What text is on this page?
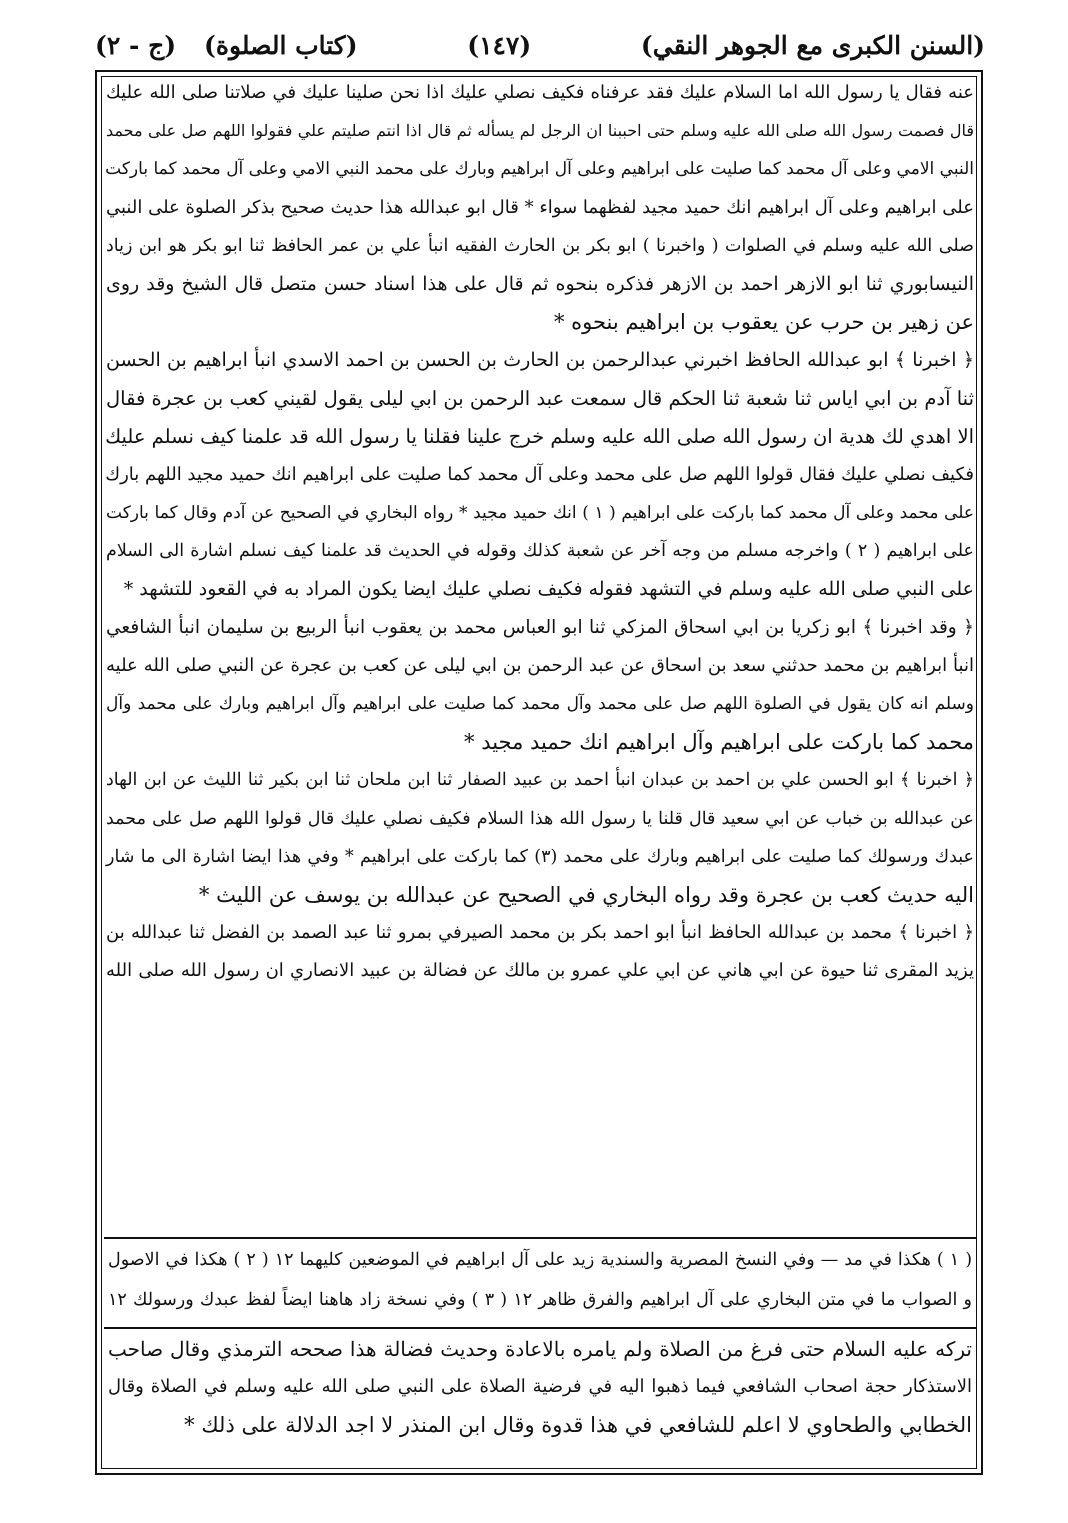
(السنن الكبرى مع الجوهر النقي)
(١٤٧)
(كتاب الصلوة)
(ج - ٢)
عنه فقال يا رسول الله اما السلام عليك فقد عرفناه فكيف نصلي عليك اذا نحن صلينا عليك في صلاتنا صلى الله عليك
قال فصمت رسول الله صلى الله عليه وسلم حتى احببنا ان الرجل لم يسأله ثم قال اذا انتم صليتم علي فقولوا اللهم صل على محمد
النبي الامي وعلى آل محمد كما صليت على ابراهيم وعلى آل ابراهيم وبارك على محمد النبي الامي وعلى آل محمد كما باركت
على ابراهيم وعلى آل ابراهيم انك حميد مجيد لفظهما سواء * قال ابو عبدالله هذا حديث صحيح بذكر الصلوة على النبي
صلى الله عليه وسلم في الصلوات ( واخبرنا ) ابو بكر بن الحارث الفقيه انبأ علي بن عمر الحافظ ثنا ابو بكر هو ابن زياد
النيسابوري ثنا ابو الازهر احمد بن الازهر فذكره بنحوه ثم قال على هذا اسناد حسن متصل قال الشيخ وقد روى
عن زهير بن حرب عن يعقوب بن ابراهيم بنحوه *
﴿ اخبرنا ﴾ ابو عبدالله الحافظ اخبرني عبدالرحمن بن الحارث بن الحسن بن احمد الاسدي انبأ ابراهيم بن الحسن
ثنا آدم بن ابي اياس ثنا شعبة ثنا الحكم قال سمعت عبد الرحمن بن ابي ليلى يقول لقيني كعب بن عجرة فقال
الا اهدي لك هدية ان رسول الله صلى الله عليه وسلم خرج علينا فقلنا يا رسول الله قد علمنا كيف نسلم عليك
فكيف نصلي عليك فقال قولوا اللهم صل على محمد وعلى آل محمد كما صليت على ابراهيم انك حميد مجيد اللهم بارك
على محمد وعلى آل محمد كما باركت على ابراهيم ( ١ ) انك حميد مجيد * رواه البخاري في الصحيح عن آدم وقال كما باركت
على ابراهيم ( ٢ ) واخرجه مسلم من وجه آخر عن شعبة كذلك وقوله في الحديث قد علمنا كيف نسلم اشارة الى السلام
على النبي صلى الله عليه وسلم في التشهد فقوله فكيف نصلي عليك ايضا يكون المراد به في القعود للتشهد *
﴿ وقد اخبرنا ﴾ ابو زكريا بن ابي اسحاق المزكي ثنا ابو العباس محمد بن يعقوب انبأ الربيع بن سليمان انبأ الشافعي
انبأ ابراهيم بن محمد حدثني سعد بن اسحاق عن عبد الرحمن بن ابي ليلى عن كعب بن عجرة عن النبي صلى الله عليه
وسلم انه كان يقول في الصلوة اللهم صل على محمد وآل محمد كما صليت على ابراهيم وآل ابراهيم وبارك على محمد وآل
محمد كما باركت على ابراهيم وآل ابراهيم انك حميد مجيد *
﴿ اخبرنا ﴾ ابو الحسن علي بن احمد بن عبدان انبأ احمد بن عبيد الصفار ثنا ابن ملحان ثنا ابن بكير ثنا الليث عن ابن الهاد
عن عبدالله بن خباب عن ابي سعيد قال قلنا يا رسول الله هذا السلام فكيف نصلي عليك قال قولوا اللهم صل على محمد
عبدك ورسولك كما صليت على ابراهيم وبارك على محمد (٣) كما باركت على ابراهيم * وفي هذا ايضا اشارة الى ما شار
اليه حديث كعب بن عجرة وقد رواه البخاري في الصحيح عن عبدالله بن يوسف عن الليث *
﴿ اخبرنا ﴾ محمد بن عبدالله الحافظ انبأ ابو احمد بكر بن محمد الصيرفي بمرو ثنا عبد الصمد بن الفضل ثنا عبدالله بن
يزيد المقرى ثنا حيوة عن ابي هاني عن ابي علي عمرو بن مالك عن فضالة بن عبيد الانصاري ان رسول الله صلى الله
( ١ ) هكذا في مد — وفي النسخ المصرية والسندية زيد على آل ابراهيم في الموضعين كليهما ١٢ ( ٢ ) هكذا في الاصول
و الصواب ما في متن البخاري على آل ابراهيم والفرق ظاهر ١٢ ( ٣ ) وفي نسخة زاد هاهنا ايضاً لفظ عبدك ورسولك ١٢
تركه عليه السلام حتى فرغ من الصلاة ولم يامره بالاعادة وحديث فضالة هذا صححه الترمذي وقال صاحب
الاستذكار حجة اصحاب الشافعي فيما ذهبوا اليه في فرضية الصلاة على النبي صلى الله عليه وسلم في الصلاة وقال
الخطابي والطحاوي لا اعلم للشافعي في هذا قدوة وقال ابن المنذر لا اجد الدلالة على ذلك *
